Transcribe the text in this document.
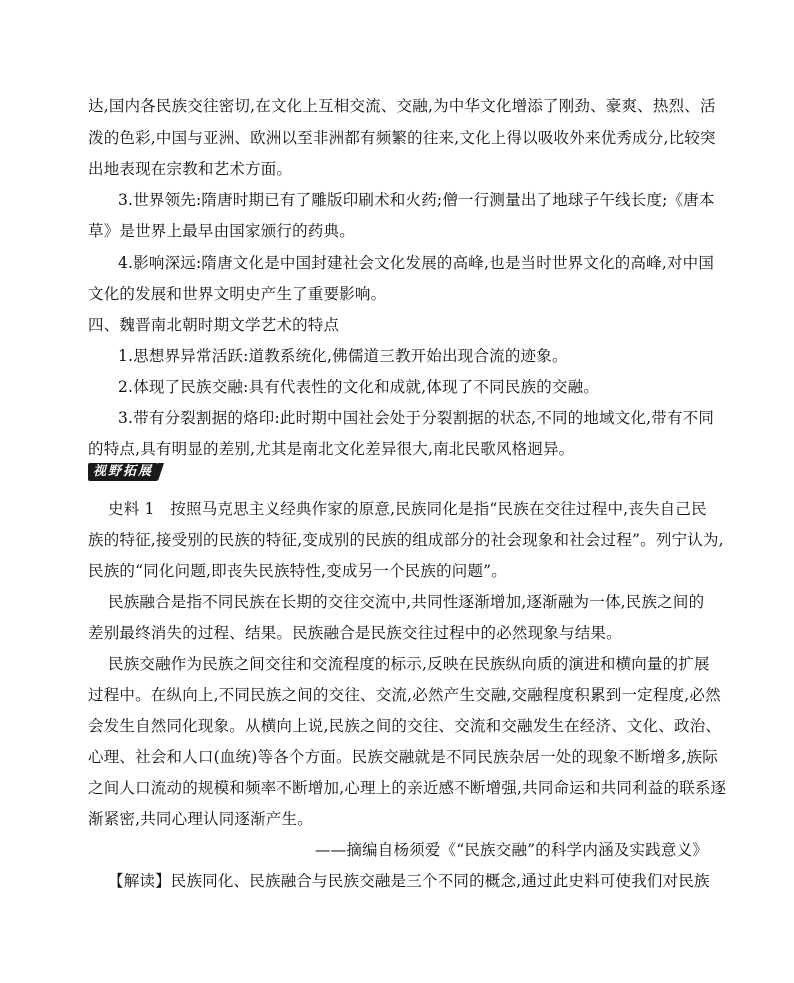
达,国内各民族交往密切,在文化上互相交流、交融,为中华文化增添了刚劲、豪爽、热烈、活
泼的色彩,中国与亚洲、欧洲以至非洲都有频繁的往来,文化上得以吸收外来优秀成分,比较突
出地表现在宗教和艺术方面。
3.世界领先:隋唐时期已有了雕版印刷术和火药;僧一行测量出了地球子午线长度;《唐本
草》是世界上最早由国家颁行的药典。
4.影响深远:隋唐文化是中国封建社会文化发展的高峰,也是当时世界文化的高峰,对中国
文化的发展和世界文明史产生了重要影响。
四、魏晋南北朝时期文学艺术的特点
1.思想界异常活跃:道教系统化,佛儒道三教开始出现合流的迹象。
2.体现了民族交融:具有代表性的文化和成就,体现了不同民族的交融。
3.带有分裂割据的烙印:此时期中国社会处于分裂割据的状态,不同的地域文化,带有不同
的特点,具有明显的差别,尤其是南北文化差异很大,南北民歌风格迥异。
史料 1　按照马克思主义经典作家的原意,民族同化是指“民族在交往过程中,丧失自己民
族的特征,接受别的民族的特征,变成别的民族的组成部分的社会现象和社会过程”。列宁认为,
民族的“同化问题,即丧失民族特性,变成另一个民族的问题”。
民族融合是指不同民族在长期的交往交流中,共同性逐渐增加,逐渐融为一体,民族之间的
差别最终消失的过程、结果。民族融合是民族交往过程中的必然现象与结果。
民族交融作为民族之间交往和交流程度的标示,反映在民族纵向质的演进和横向量的扩展
过程中。在纵向上,不同民族之间的交往、交流,必然产生交融,交融程度积累到一定程度,必然
会发生自然同化现象。从横向上说,民族之间的交往、交流和交融发生在经济、文化、政治、
心理、社会和人口(血统)等各个方面。民族交融就是不同民族杂居一处的现象不断增多,族际
之间人口流动的规模和频率不断增加,心理上的亲近感不断增强,共同命运和共同利益的联系逐
渐紧密,共同心理认同逐渐产生。
——摘编自杨须爱《“民族交融”的科学内涵及实践意义》
【解读】民族同化、民族融合与民族交融是三个不同的概念,通过此史料可使我们对民族
视野拓展
